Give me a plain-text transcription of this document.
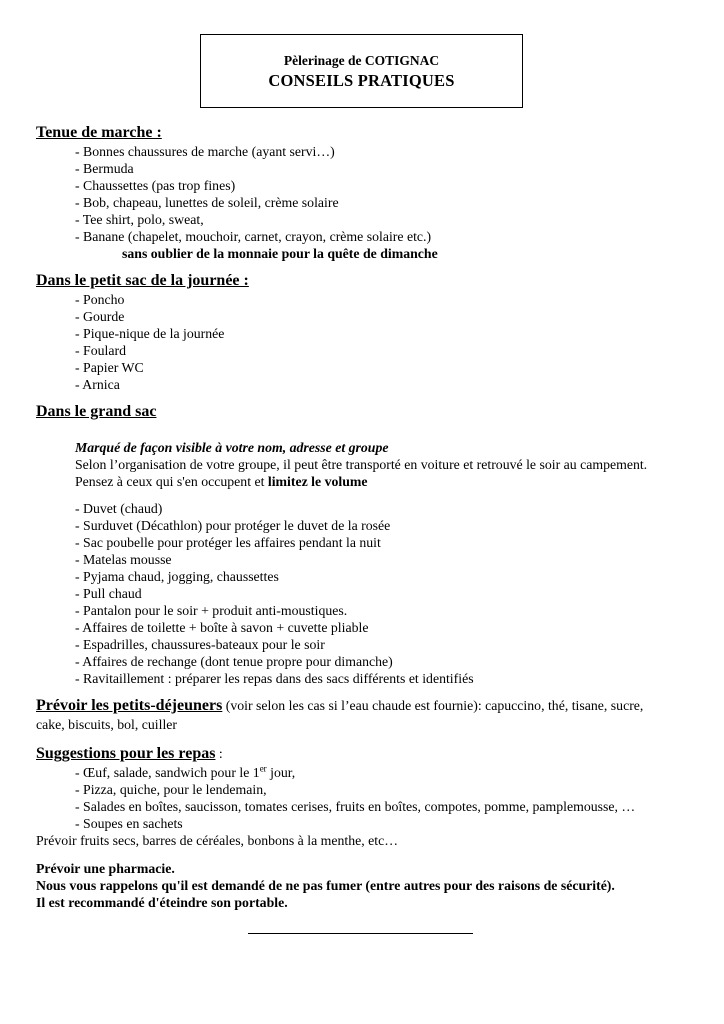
Pèlerinage de COTIGNAC
CONSEILS PRATIQUES
Tenue de marche :
- Bonnes chaussures de marche (ayant servi…)
- Bermuda
- Chaussettes (pas trop fines)
- Bob, chapeau, lunettes de soleil, crème solaire
- Tee shirt, polo, sweat,
- Banane (chapelet, mouchoir, carnet, crayon, crème solaire etc.)
sans oublier de la monnaie pour la quête de dimanche
Dans le petit sac de la journée :
- Poncho
- Gourde
- Pique-nique de la journée
- Foulard
- Papier WC
- Arnica
Dans le grand sac
Marqué de façon visible à votre nom, adresse et groupe
Selon l’organisation de votre groupe, il peut être transporté en voiture et retrouvé le soir au campement.
Pensez à ceux qui s'en occupent et limitez le volume
- Duvet (chaud)
- Surduvet (Décathlon) pour protéger le duvet de la rosée
- Sac poubelle pour protéger les affaires pendant la nuit
- Matelas mousse
- Pyjama chaud, jogging, chaussettes
- Pull chaud
- Pantalon pour le soir + produit anti-moustiques.
- Affaires de toilette + boîte à savon + cuvette pliable
- Espadrilles, chaussures-bateaux pour le soir
- Affaires de rechange (dont tenue propre pour dimanche)
- Ravitaillement : préparer les repas dans des sacs différents et identifiés
Prévoir les petits-déjeuners (voir selon les cas si l’eau chaude est fournie): capuccino, thé, tisane, sucre,
cake, biscuits, bol, cuiller
Suggestions pour les repas :
- Œuf, salade, sandwich pour le 1er jour,
- Pizza, quiche, pour le lendemain,
- Salades en boîtes, saucisson, tomates cerises, fruits en boîtes, compotes, pomme, pamplemousse, …
- Soupes en sachets
Prévoir fruits secs, barres de céréales, bonbons à la menthe, etc…
Prévoir une pharmacie.
Nous vous rappelons qu'il est demandé de ne pas fumer (entre autres pour des raisons de sécurité).
Il est recommandé d'éteindre son portable.
